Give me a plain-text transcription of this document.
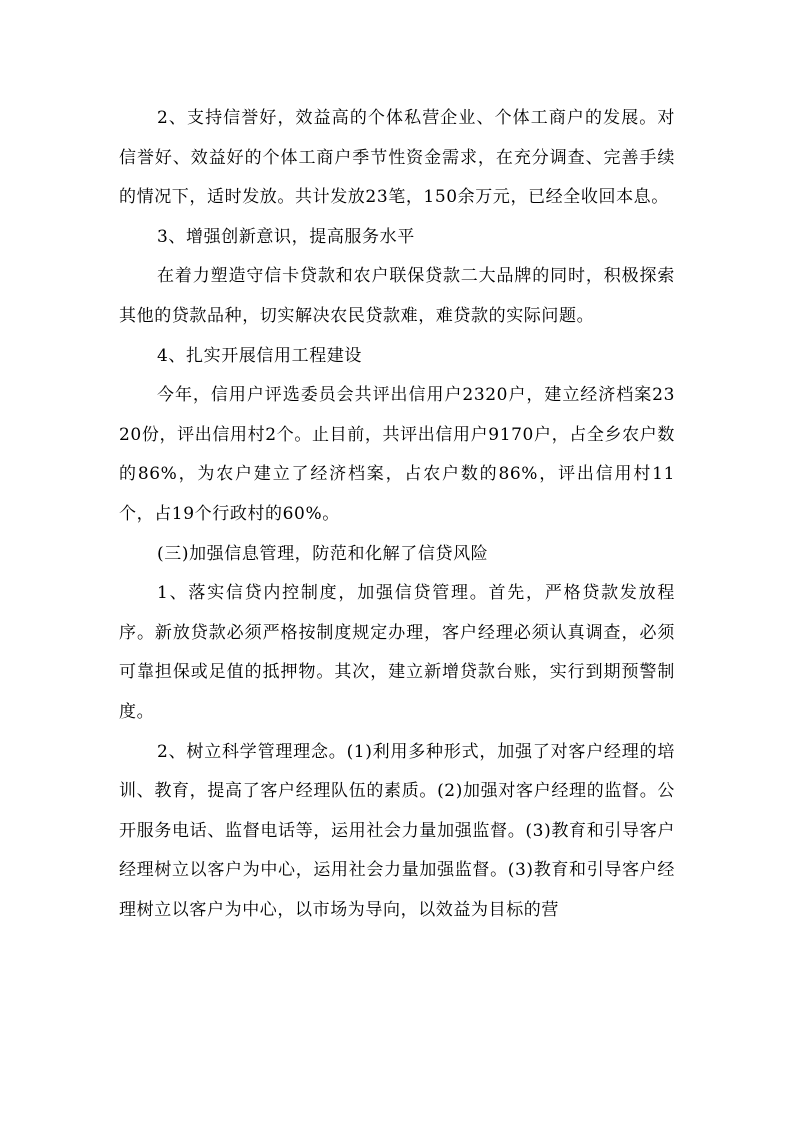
2、支持信誉好，效益高的个体私营企业、个体工商户的发展。对信誉好、效益好的个体工商户季节性资金需求，在充分调查、完善手续的情况下，适时发放。共计发放23笔，150余万元，已经全收回本息。

3、增强创新意识，提高服务水平

在着力塑造守信卡贷款和农户联保贷款二大品牌的同时，积极探索其他的贷款品种，切实解决农民贷款难，难贷款的实际问题。

4、扎实开展信用工程建设

今年，信用户评选委员会共评出信用户2320户，建立经济档案2320份，评出信用村2个。止目前，共评出信用户9170户，占全乡农户数的86%，为农户建立了经济档案，占农户数的86%，评出信用村11个，占19个行政村的60%。

(三)加强信息管理，防范和化解了信贷风险

1、落实信贷内控制度，加强信贷管理。首先，严格贷款发放程序。新放贷款必须严格按制度规定办理，客户经理必须认真调查，必须可靠担保或足值的抵押物。其次，建立新增贷款台账，实行到期预警制度。

2、树立科学管理理念。(1)利用多种形式，加强了对客户经理的培训、教育，提高了客户经理队伍的素质。(2)加强对客户经理的监督。公开服务电话、监督电话等，运用社会力量加强监督。(3)教育和引导客户经理树立以客户为中心，运用社会力量加强监督。(3)教育和引导客户经理树立以客户为中心，以市场为导向，以效益为目标的营
